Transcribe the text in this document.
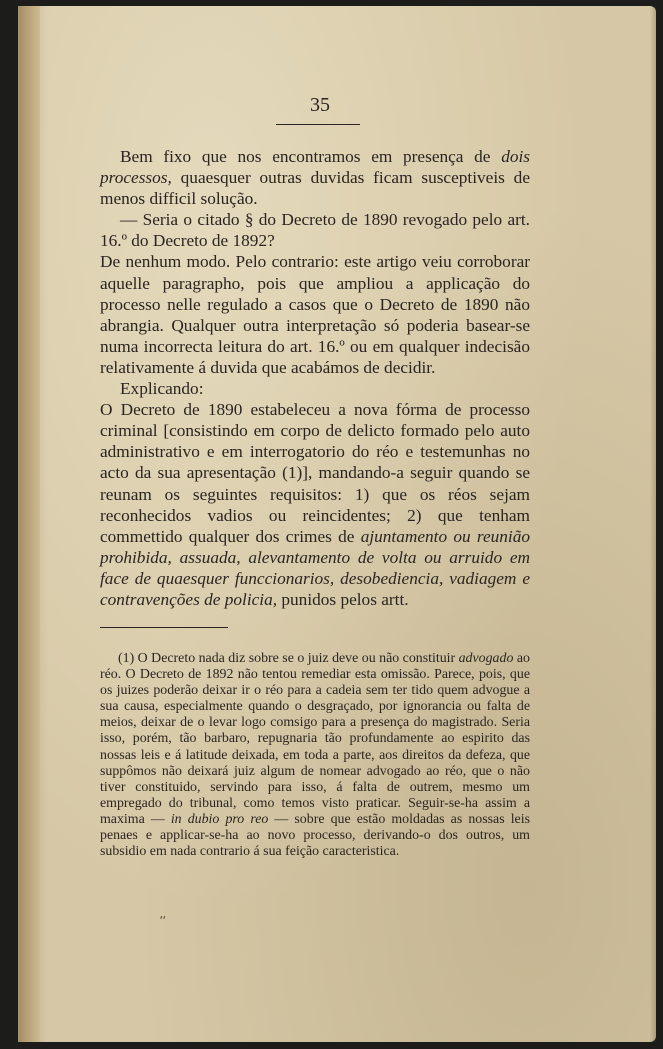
35

Bem fixo que nos encontramos em presença de dois processos, quaesquer outras duvidas ficam susceptiveis de menos difficil solução.

— Seria o citado § do Decreto de 1890 revogado pelo art. 16.º do Decreto de 1892?

De nenhum modo. Pelo contrario: este artigo veiu corroborar aquelle paragrapho, pois que ampliou a applicação do processo nelle regulado a casos que o Decreto de 1890 não abrangia. Qualquer outra interpretação só poderia basear-se numa incorrecta leitura do art. 16.º ou em qualquer indecisão relativamente á duvida que acabámos de decidir.

Explicando:

O Decreto de 1890 estabeleceu a nova fórma de processo criminal [consistindo em corpo de delicto formado pelo auto administrativo e em interrogatorio do réo e testemunhas no acto da sua apresentação (1)], mandando-a seguir quando se reunam os seguintes requisitos: 1) que os réos sejam reconhecidos vadios ou reincidentes; 2) que tenham commettido qualquer dos crimes de ajuntamento ou reunião prohibida, assuada, alevantamento de volta ou arruido em face de quaesquer funccionarios, desobediencia, vadiagem e contravenções de policia, punidos pelos artt.

(1) O Decreto nada diz sobre se o juiz deve ou não constituir advogado ao réo. O Decreto de 1892 não tentou remediar esta omissão. Parece, pois, que os juizes poderão deixar ir o réo para a cadeia sem ter tido quem advogue a sua causa, especialmente quando o desgraçado, por ignorancia ou falta de meios, deixar de o levar logo comsigo para a presença do magistrado. Seria isso, porém, tão barbaro, repugnaria tão profundamente ao espirito das nossas leis e á latitude deixada, em toda a parte, aos direitos da defeza, que suppômos não deixará juiz algum de nomear advogado ao réo, que o não tiver constituido, servindo para isso, á falta de outrem, mesmo um empregado do tribunal, como temos visto praticar. Seguir-se-ha assim a maxima — in dubio pro reo — sobre que estão moldadas as nossas leis penaes e applicar-se-ha ao novo processo, derivando-o dos outros, um subsidio em nada contrario á sua feição caracteristica.

⸴⸴
